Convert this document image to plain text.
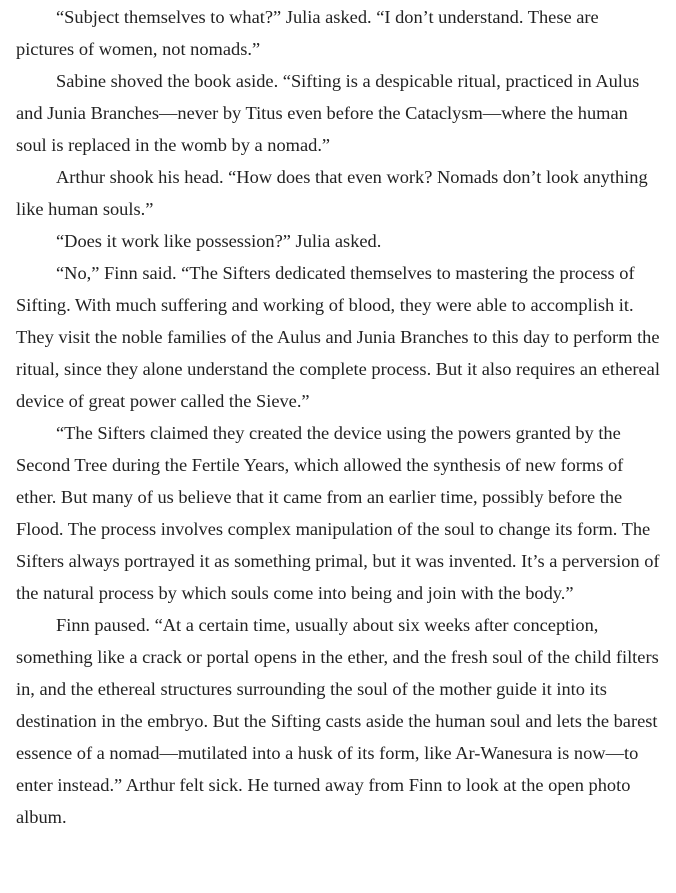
“Subject themselves to what?” Julia asked. “I don’t understand. These are pictures of women, not nomads.”

Sabine shoved the book aside. “Sifting is a despicable ritual, practiced in Aulus and Junia Branches—never by Titus even before the Cataclysm—where the human soul is replaced in the womb by a nomad.”

Arthur shook his head. “How does that even work? Nomads don’t look anything like human souls.”

“Does it work like possession?” Julia asked.

“No,” Finn said. “The Sifters dedicated themselves to mastering the process of Sifting. With much suffering and working of blood, they were able to accomplish it. They visit the noble families of the Aulus and Junia Branches to this day to perform the ritual, since they alone understand the complete process. But it also requires an ethereal device of great power called the Sieve.”

“The Sifters claimed they created the device using the powers granted by the Second Tree during the Fertile Years, which allowed the synthesis of new forms of ether. But many of us believe that it came from an earlier time, possibly before the Flood. The process involves complex manipulation of the soul to change its form. The Sifters always portrayed it as something primal, but it was invented. It’s a perversion of the natural process by which souls come into being and join with the body.”

Finn paused. “At a certain time, usually about six weeks after conception, something like a crack or portal opens in the ether, and the fresh soul of the child filters in, and the ethereal structures surrounding the soul of the mother guide it into its destination in the embryo. But the Sifting casts aside the human soul and lets the barest essence of a nomad—mutilated into a husk of its form, like Ar-Wanesura is now—to enter instead.” Arthur felt sick. He turned away from Finn to look at the open photo album.
